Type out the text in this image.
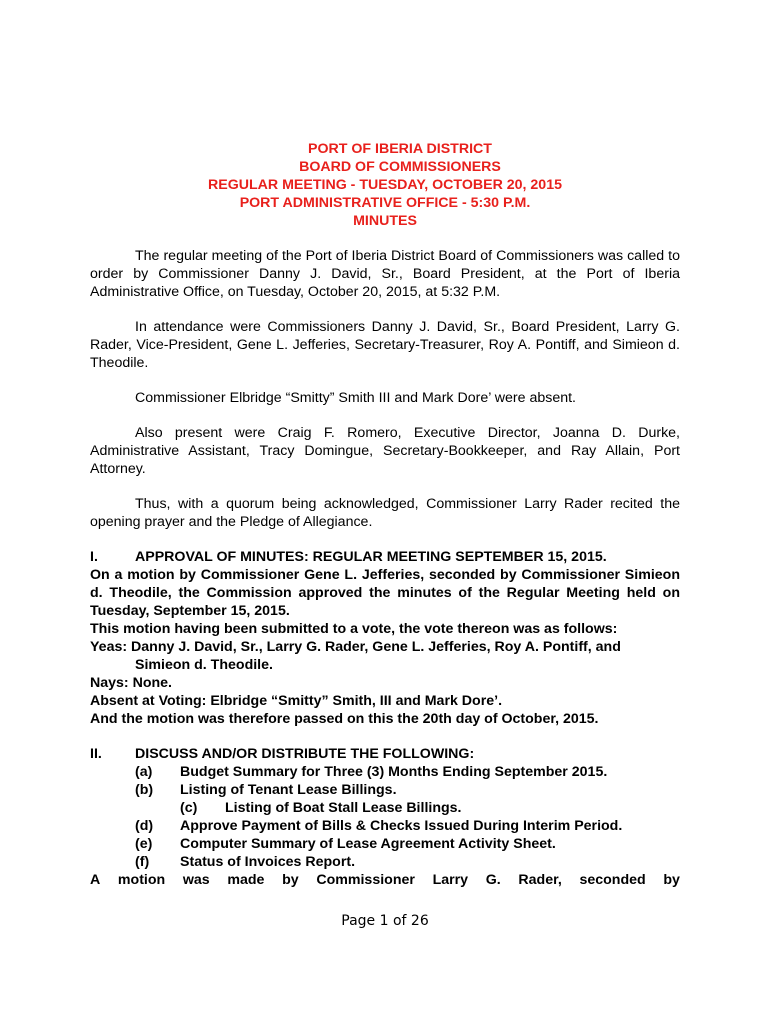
PORT OF IBERIA DISTRICT
BOARD OF COMMISSIONERS
REGULAR MEETING - TUESDAY, OCTOBER 20, 2015
PORT ADMINISTRATIVE OFFICE - 5:30 P.M.
MINUTES

The regular meeting of the Port of Iberia District Board of Commissioners was called to order by Commissioner Danny J. David, Sr., Board President, at the Port of Iberia Administrative Office, on Tuesday, October 20, 2015, at 5:32 P.M.

In attendance were Commissioners Danny J. David, Sr., Board President, Larry G. Rader, Vice-President, Gene L. Jefferies, Secretary-Treasurer, Roy A. Pontiff, and Simieon d. Theodile.

Commissioner Elbridge “Smitty” Smith III and Mark Dore’ were absent.

Also present were Craig F. Romero, Executive Director, Joanna D. Durke, Administrative Assistant, Tracy Domingue, Secretary-Bookkeeper, and Ray Allain, Port Attorney.

Thus, with a quorum being acknowledged, Commissioner Larry Rader recited the opening prayer and the Pledge of Allegiance.

I.	APPROVAL OF MINUTES: REGULAR MEETING SEPTEMBER 15, 2015.
On a motion by Commissioner Gene L. Jefferies, seconded by Commissioner Simieon d. Theodile, the Commission approved the minutes of the Regular Meeting held on Tuesday, September 15, 2015.
This motion having been submitted to a vote, the vote thereon was as follows:
Yeas: Danny J. David, Sr., Larry G. Rader, Gene L. Jefferies, Roy A. Pontiff, and
Simieon d. Theodile.
Nays: None.
Absent at Voting: Elbridge “Smitty” Smith, III and Mark Dore’.
And the motion was therefore passed on this the 20th day of October, 2015.
II.	DISCUSS AND/OR DISTRIBUTE THE FOLLOWING:
(a)	Budget Summary for Three (3) Months Ending September 2015.
(b)	Listing of Tenant Lease Billings.
(c)	Listing of Boat Stall Lease Billings.
(d)	Approve Payment of Bills & Checks Issued During Interim Period.
(e)	Computer Summary of Lease Agreement Activity Sheet.
(f)	Status of Invoices Report.
A motion was made by Commissioner Larry G. Rader, seconded by
Page 1 of 26
